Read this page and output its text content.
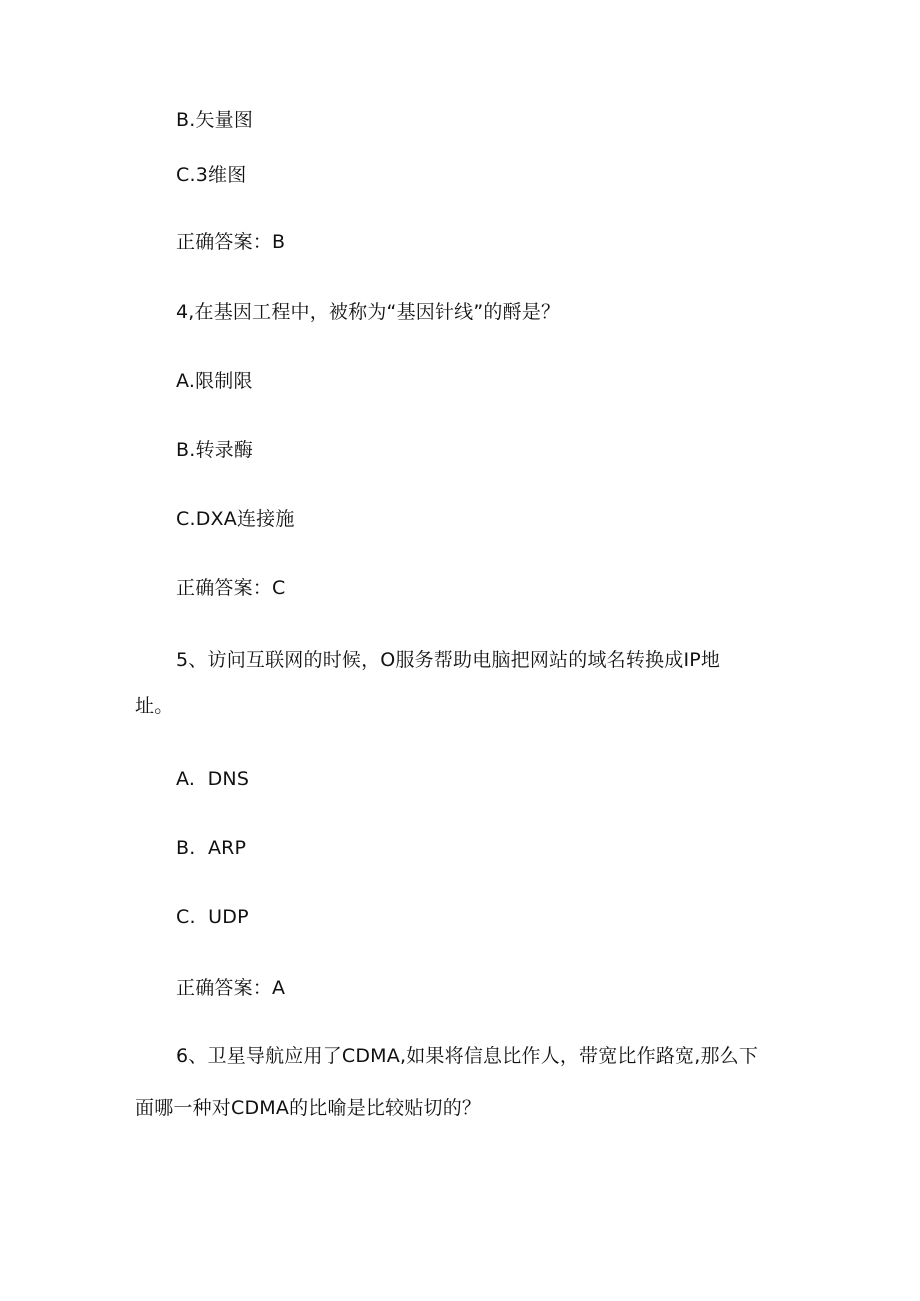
B.矢量图
C.3维图
正确答案：B
4,在基因工程中，被称为“基因针线”的酹是？
A.限制限
B.转录酶
C.DXA连接施
正确答案：C
5、访问互联网的时候，O服务帮助电脑把网站的域名转换成IP地
址。
A.  DNS
B.  ARP
C.  UDP
正确答案：A
6、卫星导航应用了CDMA,如果将信息比作人，带宽比作路宽,那么下
面哪一种对CDMA的比喻是比较贴切的？
